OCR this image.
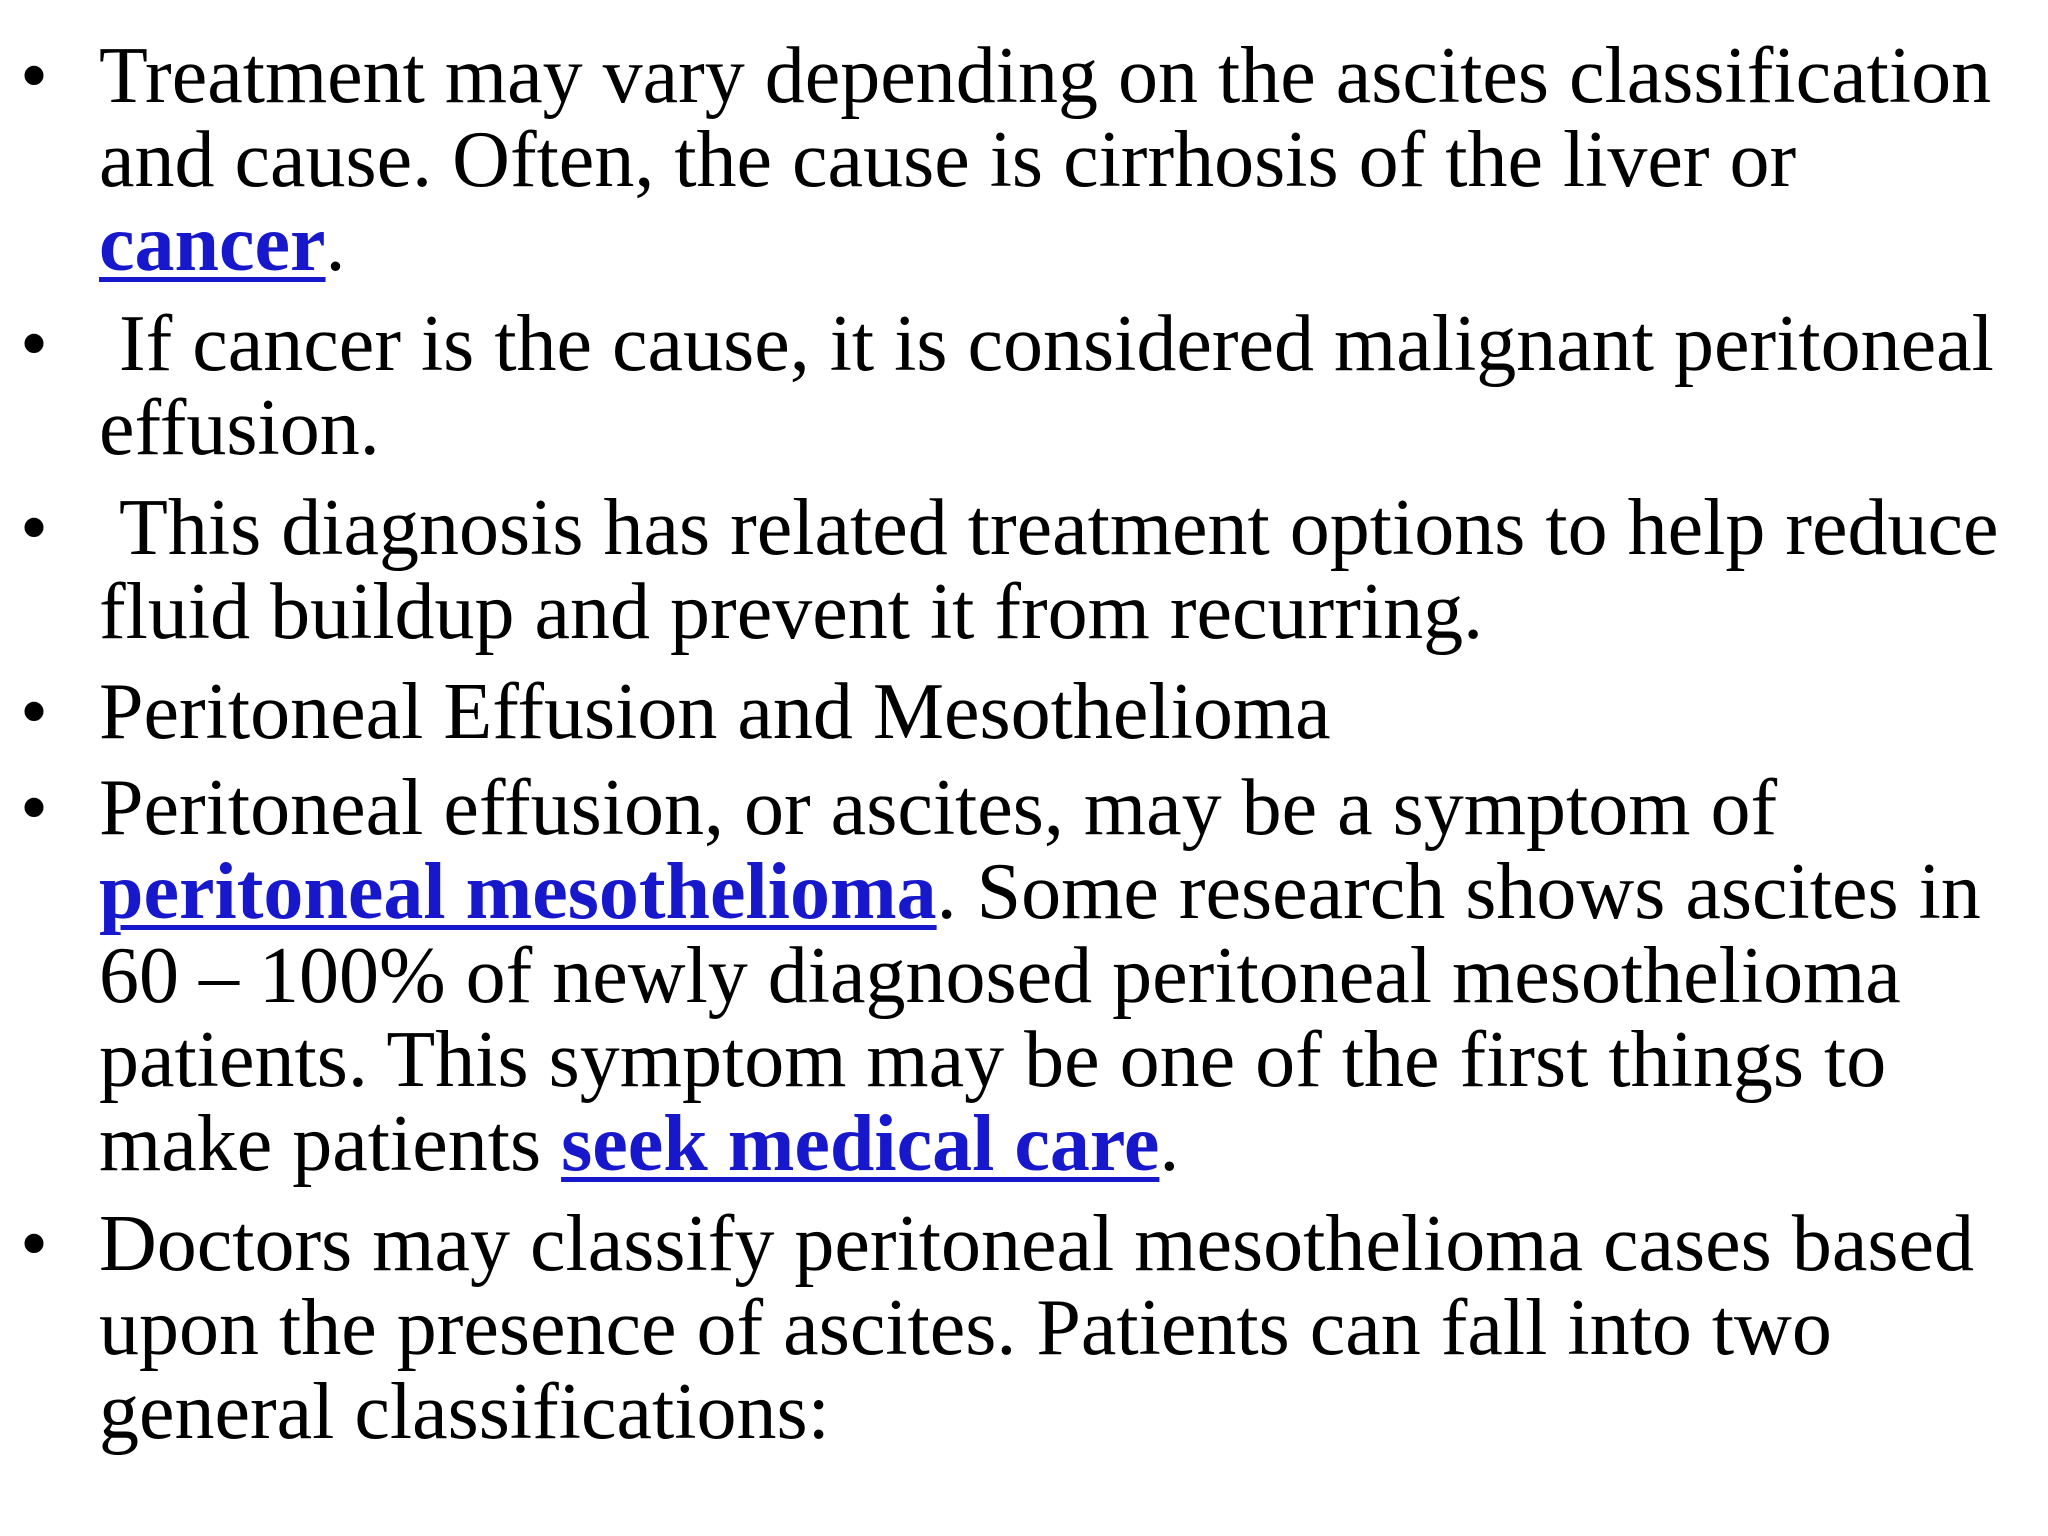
• Treatment may vary depending on the ascites classification and cause. Often, the cause is cirrhosis of the liver or cancer.
• If cancer is the cause, it is considered malignant peritoneal effusion.
• This diagnosis has related treatment options to help reduce fluid buildup and prevent it from recurring.
• Peritoneal Effusion and Mesothelioma
• Peritoneal effusion, or ascites, may be a symptom of peritoneal mesothelioma. Some research shows ascites in 60 – 100% of newly diagnosed peritoneal mesothelioma patients. This symptom may be one of the first things to make patients seek medical care.
• Doctors may classify peritoneal mesothelioma cases based upon the presence of ascites. Patients can fall into two general classifications:
